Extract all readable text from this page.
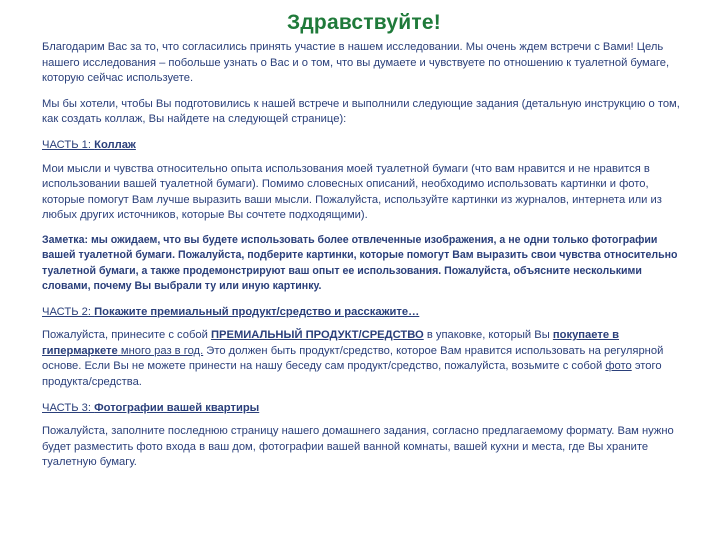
Здравствуйте!

Благодарим Вас за то, что согласились принять участие в нашем исследовании. Мы очень ждем встречи с Вами! Цель нашего исследования – побольше узнать о Вас и о том, что вы думаете и чувствуете по отношению к туалетной бумаге, которую сейчас используете.

Мы бы хотели, чтобы Вы подготовились к нашей встрече и выполнили следующие задания (детальную инструкцию о том, как создать коллаж, Вы найдете на следующей странице):

ЧАСТЬ 1: Коллаж

Мои мысли и чувства относительно опыта использования моей туалетной бумаги (что вам нравится и не нравится в использовании вашей туалетной бумаги). Помимо словесных описаний, необходимо использовать картинки и фото, которые помогут Вам лучше выразить ваши мысли. Пожалуйста, используйте картинки из журналов, интернета или из любых других источников, которые Вы сочтете подходящими).

Заметка: мы ожидаем, что вы будете использовать более отвлеченные изображения, а не одни только фотографии вашей туалетной бумаги. Пожалуйста, подберите картинки, которые помогут Вам выразить свои чувства относительно туалетной бумаги, а также продемонстрируют ваш опыт ее использования. Пожалуйста, объясните несколькими словами, почему Вы выбрали ту или иную картинку.

ЧАСТЬ 2: Покажите премиальный продукт/средство и расскажите…

Пожалуйста, принесите с собой ПРЕМИАЛЬНЫЙ ПРОДУКТ/СРЕДСТВО в упаковке, который Вы покупаете в гипермаркете много раз в год. Это должен быть продукт/средство, которое Вам нравится использовать на регулярной основе. Если Вы не можете принести на нашу беседу сам продукт/средство, пожалуйста, возьмите с собой фото этого продукта/средства.

ЧАСТЬ 3: Фотографии вашей квартиры

Пожалуйста, заполните последнюю страницу нашего домашнего задания, согласно предлагаемому формату. Вам нужно будет разместить фото входа в ваш дом, фотографии вашей ванной комнаты, вашей кухни и места, где Вы храните туалетную бумагу.
